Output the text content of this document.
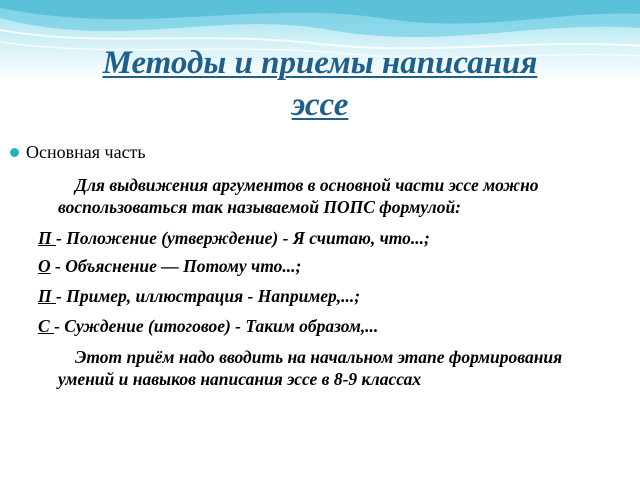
Методы и приемы написания
эссе
Основная часть
Для выдвижения аргументов в основной части эссе можно воспользоваться так называемой ПОПС формулой:
П - Положение (утверждение) - Я считаю, что...;
О - Объяснение — Потому что...;
П - Пример, иллюстрация - Например,...;
С - Суждение (итоговое) - Таким образом,...
Этот приём надо вводить на начальном этапе формирования умений и навыков написания эссе в 8-9 классах
